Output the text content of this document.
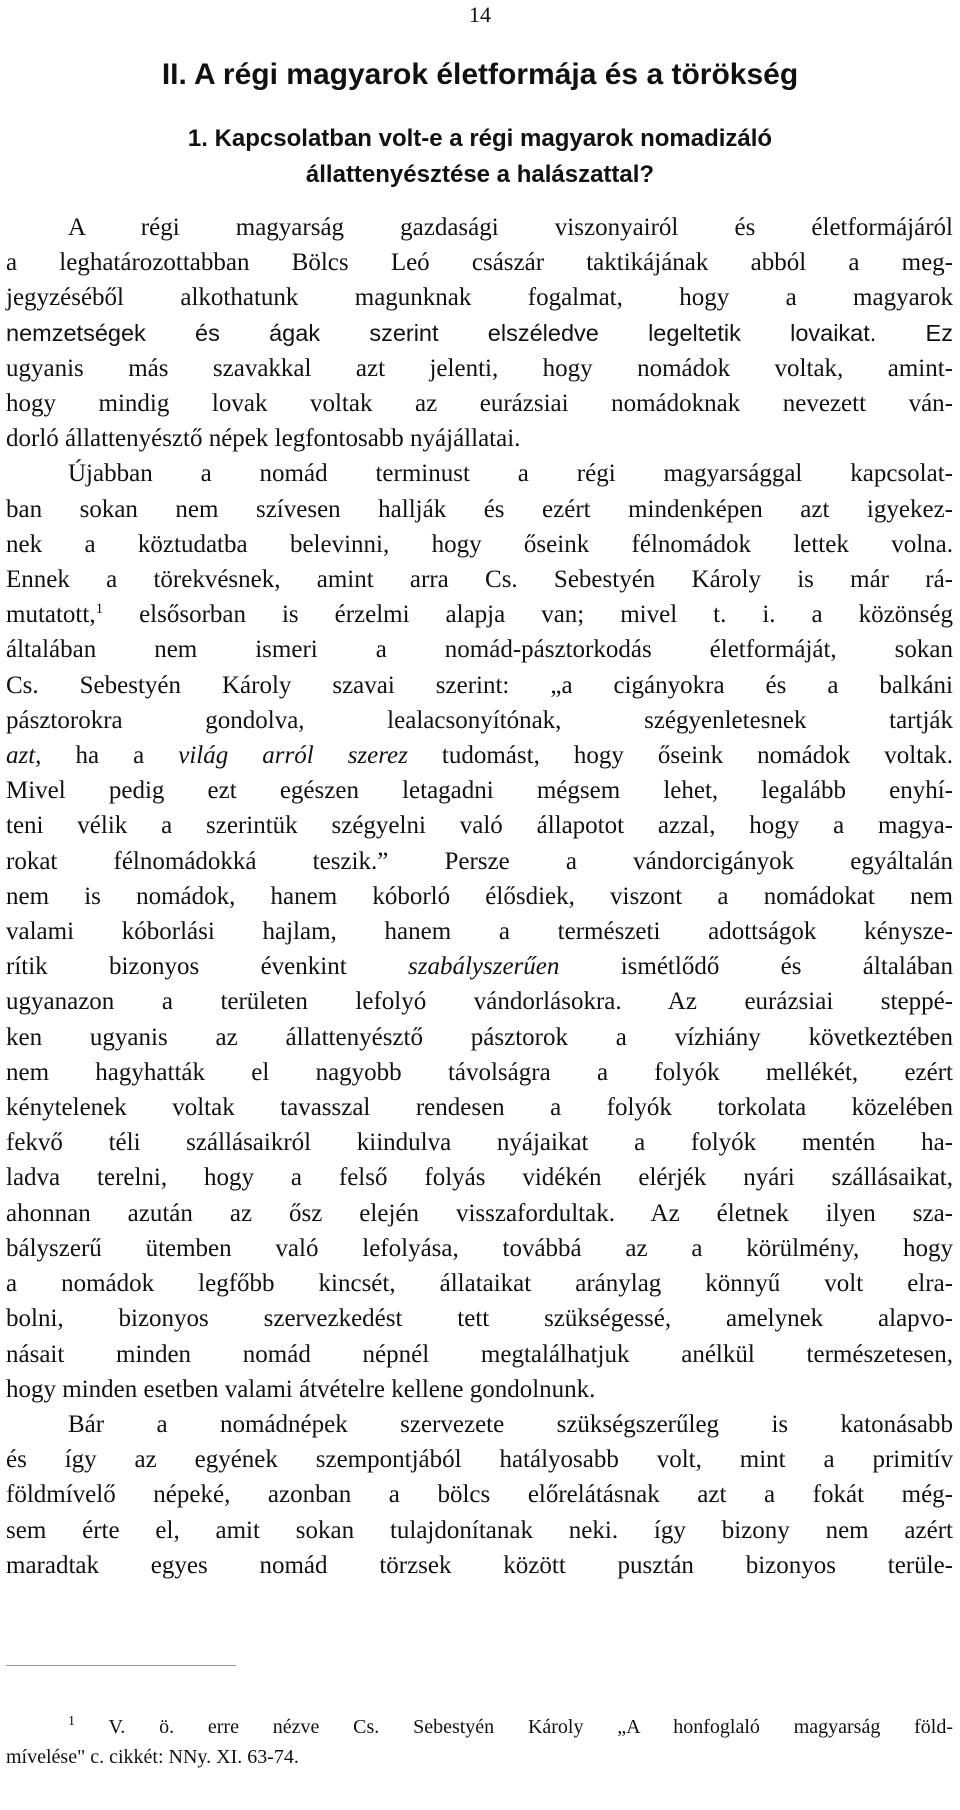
14
II. A régi magyarok életformája és a törökség
1. Kapcsolatban volt-e a régi magyarok nomadizáló
állattenyésztése a halászattal?
A régi magyarság gazdasági viszonyairól és életformájáról
a leghatározottabban Bölcs Leó császár taktikájának abból a meg-
jegyzéséből alkothatunk magunknak fogalmat, hogy a magyarok
nemzetségek és ágak szerint elszéledve legeltetik lovaikat. Ez
ugyanis más szavakkal azt jelenti, hogy nomádok voltak, amint-
hogy mindig lovak voltak az eurázsiai nomádoknak nevezett ván-
dorló állattenyésztő népek legfontosabb nyájállatai.
Újabban a nomád terminust a régi magyarsággal kapcsolat-
ban sokan nem szívesen hallják és ezért mindenképen azt igyekez-
nek a köztudatba belevinni, hogy őseink félnomádok lettek volna.
Ennek a törekvésnek, amint arra Cs. Sebestyén Károly is már rá-
mutatott,$^1$ elsősorban is érzelmi alapja van; mivel t. i. a közönség
általában nem ismeri a nomád-pásztorkodás életformáját, sokan
Cs. Sebestyén Károly szavai szerint: „a cigányokra és a balkáni
pásztorokra gondolva, lealacsonyítónak, szégyenletesnek tartják
azt, ha a világ arról szerez tudomást, hogy őseink nomádok voltak.
Mivel pedig ezt egészen letagadni mégsem lehet, legalább enyhí-
teni vélik a szerintük szégyelni való állapotot azzal, hogy a magya-
rokat félnomádokká teszik.” Persze a vándorcigányok egyáltalán
nem is nomádok, hanem kóborló élősdiek, viszont a nomádokat nem
valami kóborlási hajlam, hanem a természeti adottságok kénysze-
rítik bizonyos évenkint szabályszerűen ismétlődő és általában
ugyanazon a területen lefolyó vándorlásokra. Az eurázsiai steppé-
ken ugyanis az állattenyésztő pásztorok a vízhiány következtében
nem hagyhatták el nagyobb távolságra a folyók mellékét, ezért
kénytelenek voltak tavasszal rendesen a folyók torkolata közelében
fekvő téli szállásaikról kiindulva nyájaikat a folyók mentén ha-
ladva terelni, hogy a felső folyás vidékén elérjék nyári szállásaikat,
ahonnan azután az ősz elején visszafordultak. Az életnek ilyen sza-
bályszerű ütemben való lefolyása, továbbá az a körülmény, hogy
a nomádok legfőbb kincsét, állataikat aránylag könnyű volt elra-
bolni, bizonyos szervezkedést tett szükségessé, amelynek alapvo-
násait minden nomád népnél megtalálhatjuk anélkül természetesen,
hogy minden esetben valami átvételre kellene gondolnunk.
Bár a nomádnépek szervezete szükségszerűleg is katonásabb
és így az egyének szempontjából hatályosabb volt, mint a primitív
földmívelő népeké, azonban a bölcs előrelátásnak azt a fokát még-
sem érte el, amit sokan tulajdonítanak neki. így bizony nem azért
maradtak egyes nomád törzsek között pusztán bizonyos terüle-
$^1$ V. ö. erre nézve Cs. Sebestyén Károly „A honfoglaló magyarság föld-
mívelése" c. cikkét: NNy. XI. 63-74.
